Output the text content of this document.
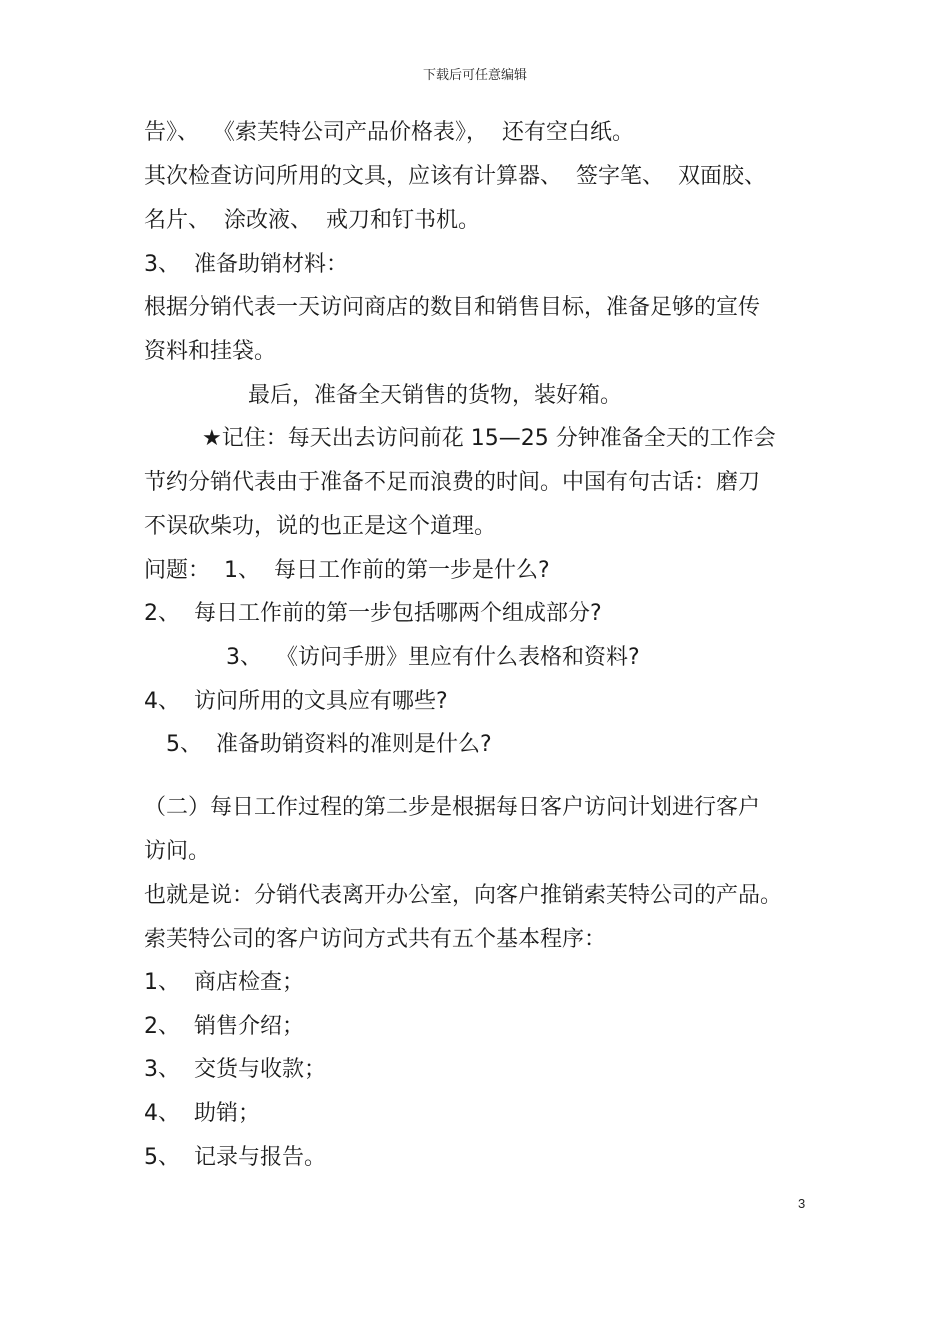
下载后可任意编辑
告》、  《索芙特公司产品价格表》，  还有空白纸。
其次检查访问所用的文具，应该有计算器、  签字笔、  双面胶、
名片、  涂改液、  戒刀和钉书机。
3、  准备助销材料：
根据分销代表一天访问商店的数目和销售目标，准备足够的宣传
资料和挂袋。
最后，准备全天销售的货物，装好箱。
★记住：每天出去访问前花 15—25 分钟准备全天的工作会
节约分销代表由于准备不足而浪费的时间。中国有句古话：磨刀
不误砍柴功，说的也正是这个道理。
问题：  1、  每日工作前的第一步是什么?
2、  每日工作前的第一步包括哪两个组成部分?
3、  《访问手册》里应有什么表格和资料?
4、  访问所用的文具应有哪些?
5、  准备助销资料的准则是什么?
（二）每日工作过程的第二步是根据每日客户访问计划进行客户
访问。
也就是说：分销代表离开办公室，向客户推销索芙特公司的产品。
索芙特公司的客户访问方式共有五个基本程序：
1、  商店检查；
2、  销售介绍；
3、  交货与收款；
4、  助销；
5、  记录与报告。
3
